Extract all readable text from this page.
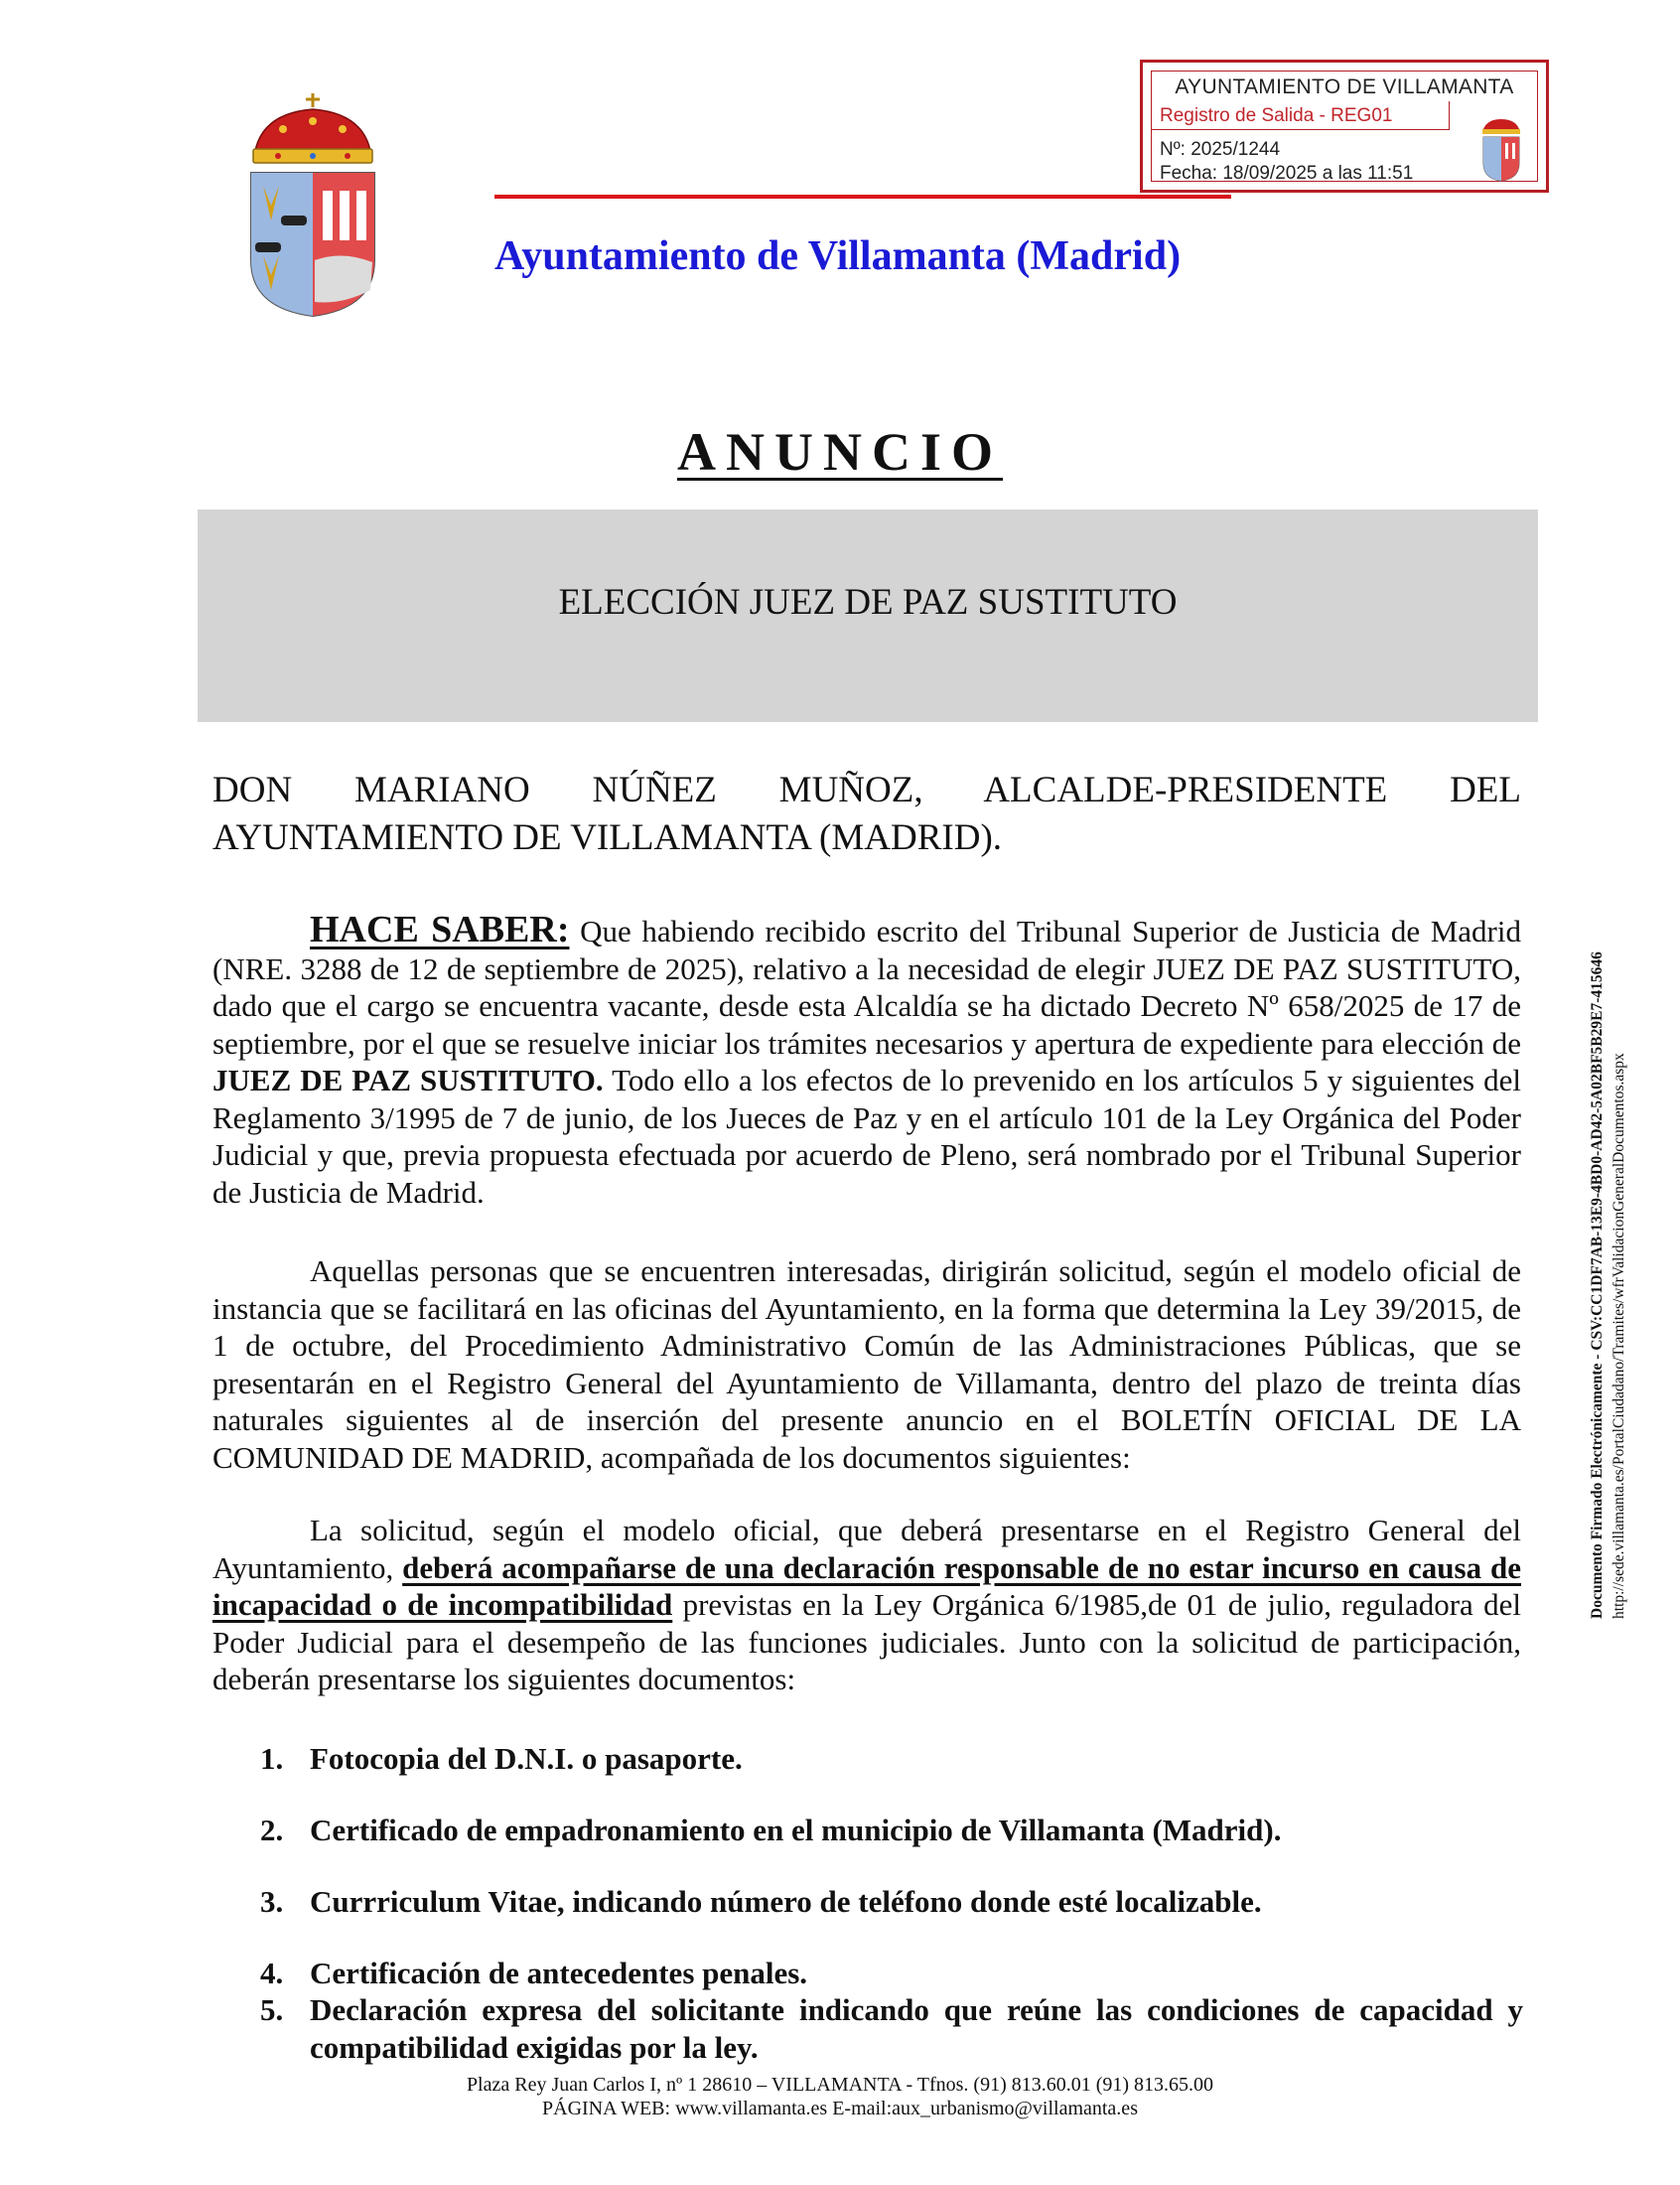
AYUNTAMIENTO DE VILLAMANTA
Registro de Salida - REG01
Nº: 2025/1244
Fecha: 18/09/2025 a las 11:51
Ayuntamiento de Villamanta (Madrid)
ANUNCIO
ELECCIÓN JUEZ DE PAZ SUSTITUTO
DON MARIANO NÚÑEZ MUÑOZ, ALCALDE-PRESIDENTE DEL
AYUNTAMIENTO DE VILLAMANTA (MADRID).
HACE SABER: Que habiendo recibido escrito del Tribunal Superior de Justicia de Madrid (NRE. 3288 de 12 de septiembre de 2025), relativo a la necesidad de elegir JUEZ DE PAZ SUSTITUTO, dado que el cargo se encuentra vacante, desde esta Alcaldía se ha dictado Decreto Nº 658/2025 de 17 de septiembre, por el que se resuelve iniciar los trámites necesarios y apertura de expediente para elección de JUEZ DE PAZ SUSTITUTO. Todo ello a los efectos de lo prevenido en los artículos 5 y siguientes del Reglamento 3/1995 de 7 de junio, de los Jueces de Paz y en el artículo 101 de la Ley Orgánica del Poder Judicial y que, previa propuesta efectuada por acuerdo de Pleno, será nombrado por el Tribunal Superior de Justicia de Madrid.
Aquellas personas que se encuentren interesadas, dirigirán solicitud, según el modelo oficial de instancia que se facilitará en las oficinas del Ayuntamiento, en la forma que determina la Ley 39/2015, de 1 de octubre, del Procedimiento Administrativo Común de las Administraciones Públicas, que se presentarán en el Registro General del Ayuntamiento de Villamanta, dentro del plazo de treinta días naturales siguientes al de inserción del presente anuncio en el BOLETÍN OFICIAL DE LA COMUNIDAD DE MADRID, acompañada de los documentos siguientes:
La solicitud, según el modelo oficial, que deberá presentarse en el Registro General del Ayuntamiento, deberá acompañarse de una declaración responsable de no estar incurso en causa de incapacidad o de incompatibilidad previstas en la Ley Orgánica 6/1985,de 01 de julio, reguladora del Poder Judicial para el desempeño de las funciones judiciales. Junto con la solicitud de participación, deberán presentarse los siguientes documentos:
1. Fotocopia del D.N.I. o pasaporte.
2. Certificado de empadronamiento en el municipio de Villamanta (Madrid).
3. Currriculum Vitae, indicando número de teléfono donde esté localizable.
4. Certificación de antecedentes penales.
5. Declaración expresa del solicitante indicando que reúne las condiciones de capacidad y compatibilidad exigidas por la ley.
Plaza Rey Juan Carlos I, nº 1 28610 – VILLAMANTA - Tfnos. (91) 813.60.01 (91) 813.65.00
PÁGINA WEB: www.villamanta.es E-mail:aux_urbanismo@villamanta.es
Documento Firmado Electrónicamente - CSV:CC1DF7AB-13E9-4BD0-AD42-5A02BF5B29E7-415646 http://sede.villamanta.es/PortalCiudadano/Tramites/wfrValidacionGeneralDocumentos.aspx
